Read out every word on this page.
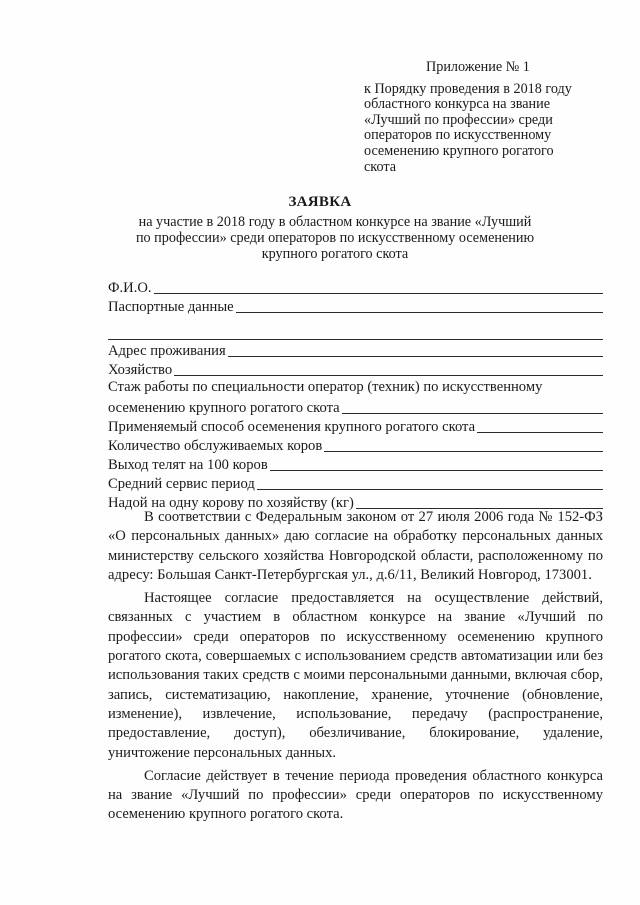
Приложение № 1
к Порядку проведения в 2018 году
областного конкурса на звание
«Лучший по профессии» среди
операторов по искусственному
осеменению крупного рогатого
скота
ЗАЯВКА
на участие в 2018 году в областном конкурсе на звание «Лучший
по профессии» среди операторов по искусственному осеменению
крупного рогатого скота
Ф.И.О.
Паспортные данные
Адрес проживания
Хозяйство
Стаж работы по специальности оператор (техник) по искусственному
осеменению крупного рогатого скота
Применяемый способ осеменения крупного рогатого скота
Количество обслуживаемых коров
Выход телят на 100 коров
Средний сервис период
Надой на одну корову по хозяйству (кг)

В соответствии с Федеральным законом от 27 июля 2006 года № 152-ФЗ «О персональных данных» даю согласие на обработку персональных данных министерству сельского хозяйства Новгородской области, расположенному по адресу: Большая Санкт-Петербургская ул., д.6/11, Великий Новгород, 173001.

Настоящее согласие предоставляется на осуществление действий, связанных с участием в областном конкурсе на звание «Лучший по профессии» среди операторов по искусственному осеменению крупного рогатого скота, совершаемых с использованием средств автоматизации или без использования таких средств с моими персональными данными, включая сбор, запись, систематизацию, накопление, хранение, уточнение (обновление, изменение), извлечение, использование, передачу (распространение, предоставление, доступ), обезличивание, блокирование, удаление, уничтожение персональных данных.

Согласие действует в течение периода проведения областного конкурса на звание «Лучший по профессии» среди операторов по искусственному осеменению крупного рогатого скота.
